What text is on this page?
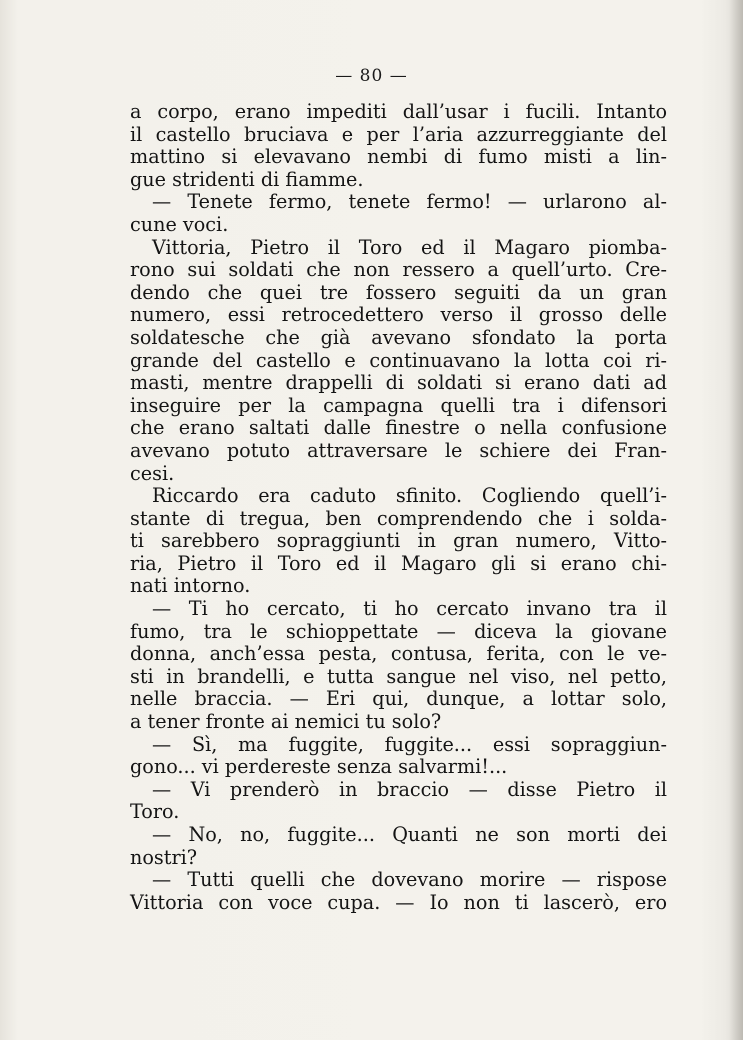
— 80 —
a corpo, erano impediti dall’usar i fucili. Intanto
il castello bruciava e per l’aria azzurreggiante del
mattino si elevavano nembi di fumo misti a lin-
gue stridenti di fiamme.
— Tenete fermo, tenete fermo! — urlarono al-
cune voci.
Vittoria, Pietro il Toro ed il Magaro piomba-
rono sui soldati che non ressero a quell’urto. Cre-
dendo che quei tre fossero seguiti da un gran
numero, essi retrocedettero verso il grosso delle
soldatesche che già avevano sfondato la porta
grande del castello e continuavano la lotta coi ri-
masti, mentre drappelli di soldati si erano dati ad
inseguire per la campagna quelli tra i difensori
che erano saltati dalle finestre o nella confusione
avevano potuto attraversare le schiere dei Fran-
cesi.
Riccardo era caduto sfinito. Cogliendo quell’i-
stante di tregua, ben comprendendo che i solda-
ti sarebbero sopraggiunti in gran numero, Vitto-
ria, Pietro il Toro ed il Magaro gli si erano chi-
nati intorno.
— Ti ho cercato, ti ho cercato invano tra il
fumo, tra le schioppettate — diceva la giovane
donna, anch’essa pesta, contusa, ferita, con le ve-
sti in brandelli, e tutta sangue nel viso, nel petto,
nelle braccia. — Eri qui, dunque, a lottar solo,
a tener fronte ai nemici tu solo?
— Sì, ma fuggite, fuggite... essi sopraggiun-
gono... vi perdereste senza salvarmi!...
— Vi prenderò in braccio — disse Pietro il
Toro.
— No, no, fuggite... Quanti ne son morti dei
nostri?
— Tutti quelli che dovevano morire — rispose
Vittoria con voce cupa. — Io non ti lascerò, ero
